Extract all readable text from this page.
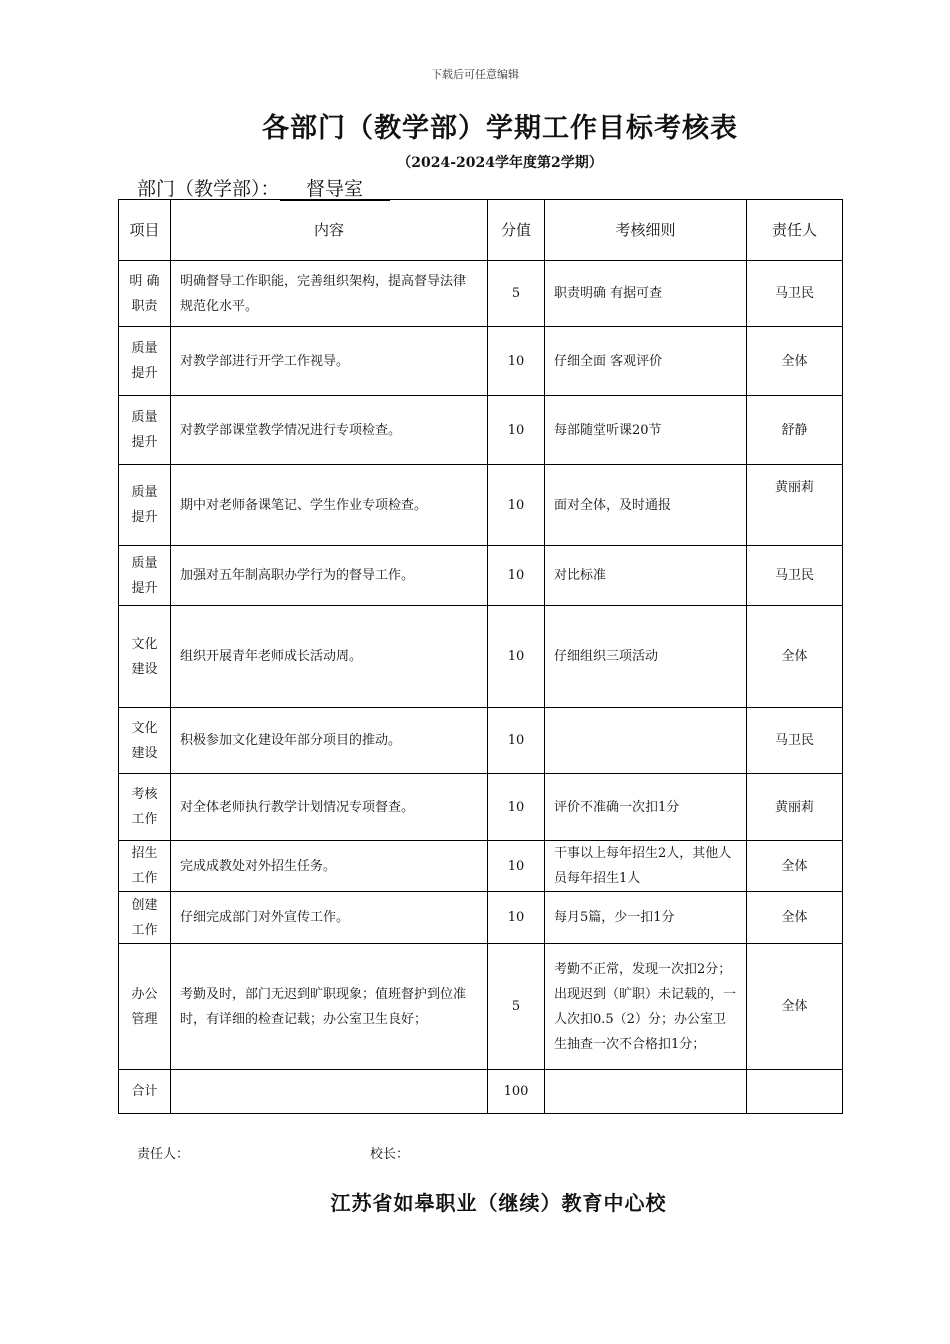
下载后可任意编辑
各部门（教学部）学期工作目标考核表
（2024-2024学年度第2学期）
部门（教学部）： 督导室
项目	内容	分值	考核细则	责任人
明 确 职责	明确督导工作职能，完善组织架构，提高督导法律规范化水平。	5	职责明确 有据可查	马卫民
质量提升	对教学部进行开学工作视导。	10	仔细全面 客观评价	全体
质量提升	对教学部课堂教学情况进行专项检查。	10	每部随堂听课20节	舒静
质量提升	期中对老师备课笔记、学生作业专项检查。	10	面对全体，及时通报	黄丽莉
质量提升	加强对五年制高职办学行为的督导工作。	10	对比标准	马卫民
文化建设	组织开展青年老师成长活动周。	10	仔细组织三项活动	全体
文化建设	积极参加文化建设年部分项目的推动。	10		马卫民
考核工作	对全体老师执行教学计划情况专项督查。	10	评价不准确一次扣1分	黄丽莉
招生工作	完成成教处对外招生任务。	10	干事以上每年招生2人，其他人员每年招生1人	全体
创建工作	仔细完成部门对外宣传工作。	10	每月5篇，少一扣1分	全体
办公管理	考勤及时，部门无迟到旷职现象；值班督护到位准时，有详细的检查记载；办公室卫生良好；	5	考勤不正常，发现一次扣2分；出现迟到（旷职）未记载的，一人次扣0.5（2）分；办公室卫生抽查一次不合格扣1分；	全体
合计		100		
责任人：	校长：
江苏省如皋职业（继续）教育中心校
